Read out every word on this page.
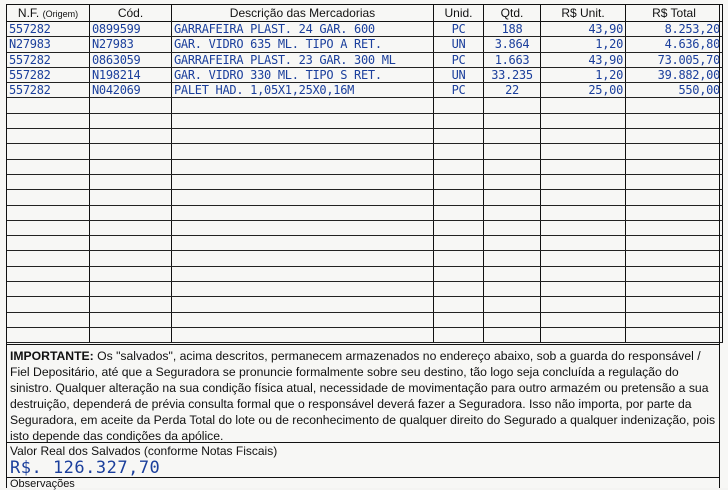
N.F. (Origem)	Cód.	Descrição das Mercadorias	Unid.	Qtd.	R$ Unit.	R$ Total
557282	0899599	GARRAFEIRA PLAST. 24 GAR. 600	PC	188	43,90	8.253,20
N27983	N27983	GAR. VIDRO 635 ML. TIPO A RET.	UN	3.864	1,20	4.636,80
557282	0863059	GARRAFEIRA PLAST. 23 GAR. 300 ML	PC	1.663	43,90	73.005,70
557282	N198214	GAR. VIDRO 330 ML. TIPO S RET.	UN	33.235	1,20	39.882,00
557282	N042069	PALET HAD. 1,05X1,25X0,16M	PC	22	25,00	550,00

IMPORTANTE: Os "salvados", acima descritos, permanecem armazenados no endereço abaixo, sob a guarda do responsável / Fiel Depositário, até que a Seguradora se pronuncie formalmente sobre seu destino, tão logo seja concluída a regulação do sinistro. Qualquer alteração na sua condição física atual, necessidade de movimentação para outro armazém ou pretensão a sua destruição, dependerá de prévia consulta formal que o responsável deverá fazer a Seguradora. Isso não importa, por parte da Seguradora, em aceite da Perda Total do lote ou de reconhecimento de qualquer direito do Segurado a qualquer indenização, pois isto depende das condições da apólice.
Valor Real dos Salvados (conforme Notas Fiscais)
R$. 126.327,70
Observações
